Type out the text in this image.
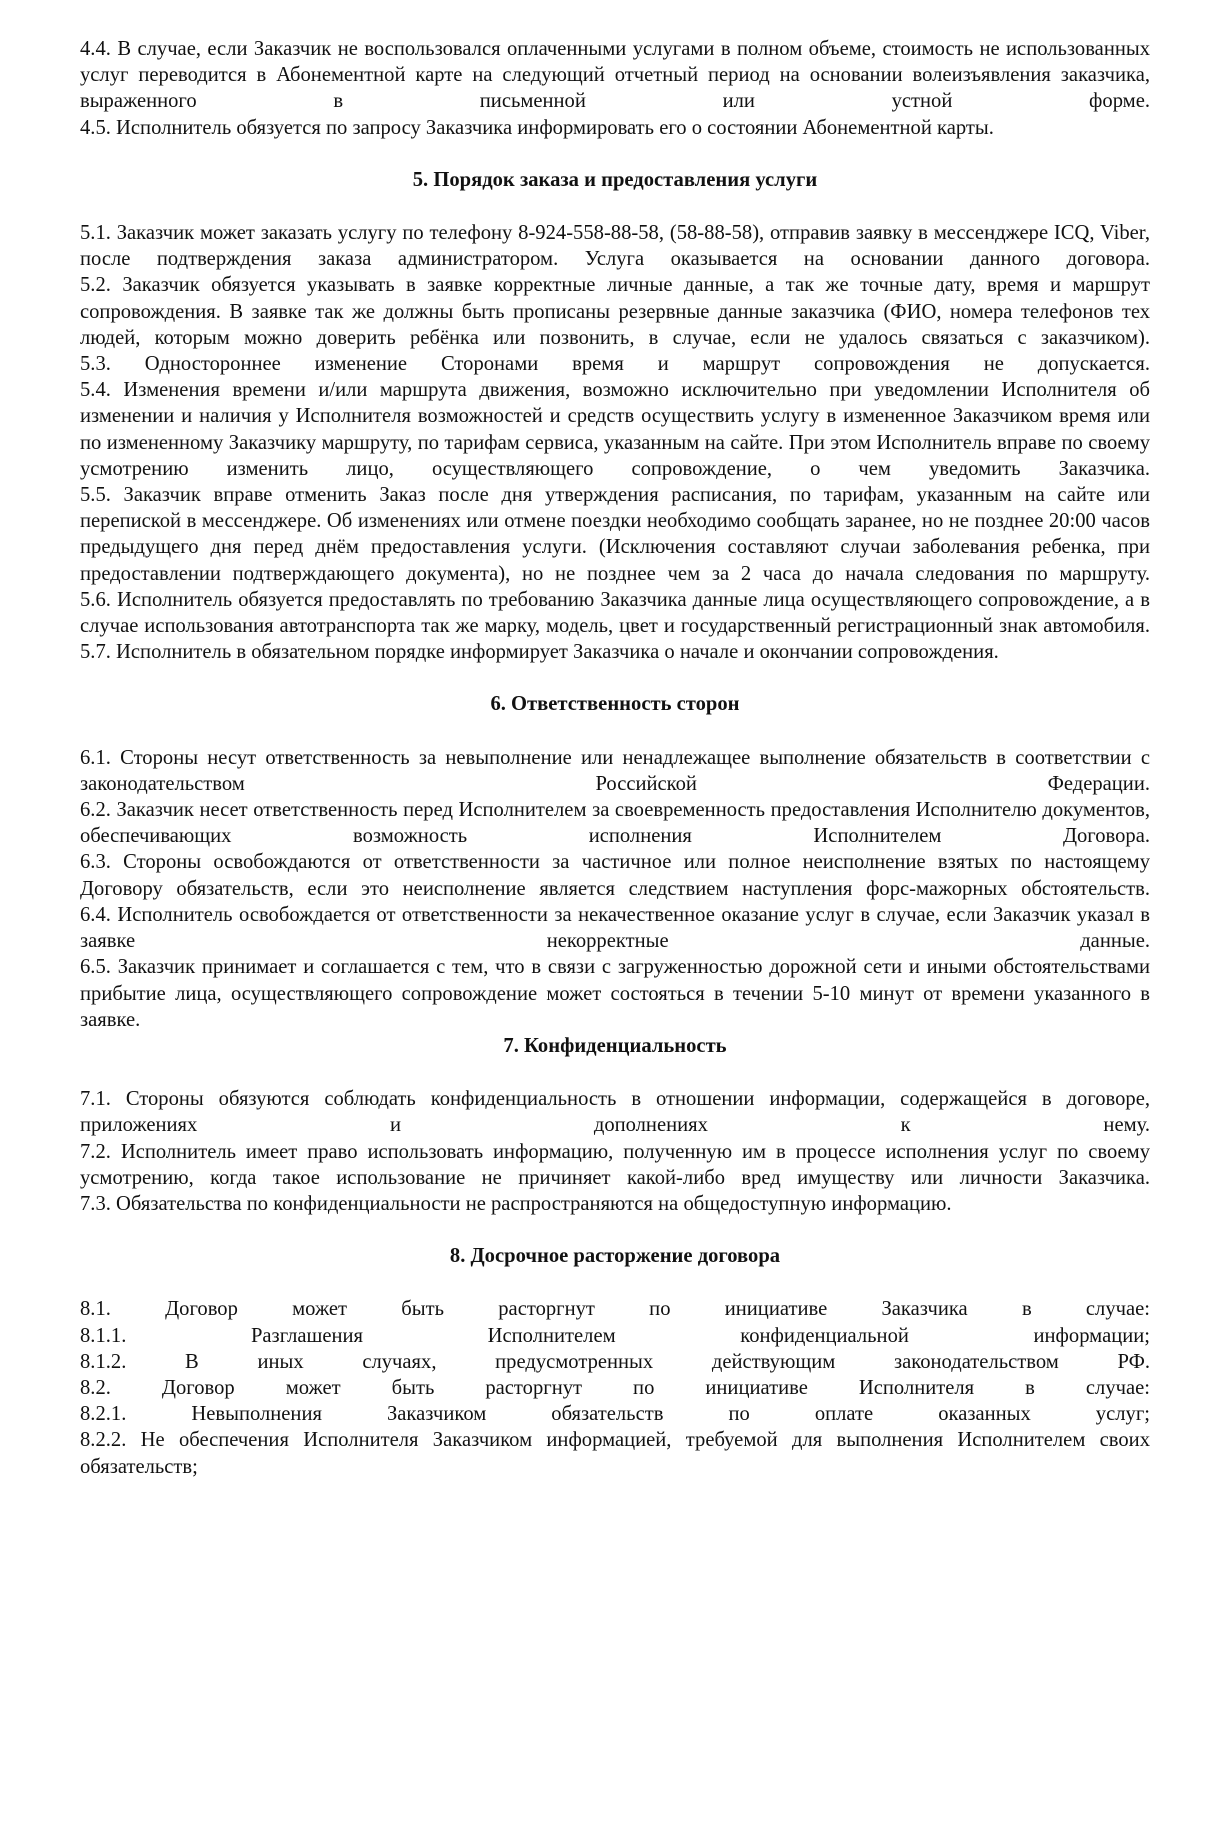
4.4. В случае, если Заказчик не воспользовался оплаченными услугами в полном объеме, стоимость не использованных услуг переводится в Абонементной карте на следующий отчетный период на основании волеизъявления заказчика, выраженного в письменной или устной форме.

4.5. Исполнитель обязуется по запросу Заказчика информировать его о состоянии Абонементной карты.

5. Порядок заказа и предоставления услуги

5.1. Заказчик может заказать услугу по телефону 8-924-558-88-58, (58-88-58), отправив заявку в мессенджере ICQ, Viber, после подтверждения заказа администратором. Услуга оказывается на основании данного договора.

5.2. Заказчик обязуется указывать в заявке корректные личные данные, а так же точные дату, время и маршрут сопровождения. В заявке так же должны быть прописаны резервные данные заказчика (ФИО, номера телефонов тех людей, которым можно доверить ребёнка или позвонить, в случае, если не удалось связаться с заказчиком).

5.3. Одностороннее изменение Сторонами время и маршрут сопровождения не допускается.

5.4. Изменения времени и/или маршрута движения, возможно исключительно при уведомлении Исполнителя об изменении и наличия у Исполнителя возможностей и средств осуществить услугу в измененное Заказчиком время или по измененному Заказчику маршруту, по тарифам сервиса, указанным на сайте. При этом Исполнитель вправе по своему усмотрению изменить лицо, осуществляющего сопровождение, о чем уведомить Заказчика.

5.5. Заказчик вправе отменить Заказ после дня утверждения расписания, по тарифам, указанным на сайте или перепиской в мессенджере. Об изменениях или отмене поездки необходимо сообщать заранее, но не позднее 20:00 часов предыдущего дня перед днём предоставления услуги. (Исключения составляют случаи заболевания ребенка, при предоставлении подтверждающего документа), но не позднее чем за 2 часа до начала следования по маршруту.

5.6. Исполнитель обязуется предоставлять по требованию Заказчика данные лица осуществляющего сопровождение, а в случае использования автотранспорта так же марку, модель, цвет и государственный регистрационный знак автомобиля.

5.7. Исполнитель в обязательном порядке информирует Заказчика о начале и окончании сопровождения.

6. Ответственность сторон

6.1. Стороны несут ответственность за невыполнение или ненадлежащее выполнение обязательств в соответствии с законодательством Российской Федерации.

6.2. Заказчик несет ответственность перед Исполнителем за своевременность предоставления Исполнителю документов, обеспечивающих возможность исполнения Исполнителем Договора.

6.3. Стороны освобождаются от ответственности за частичное или полное неисполнение взятых по настоящему Договору обязательств, если это неисполнение является следствием наступления форс-мажорных обстоятельств.

6.4. Исполнитель освобождается от ответственности за некачественное оказание услуг в случае, если Заказчик указал в заявке некорректные данные.

6.5. Заказчик принимает и соглашается с тем, что в связи с загруженностью дорожной сети и иными обстоятельствами прибытие лица, осуществляющего сопровождение может состояться в течении 5-10 минут от времени указанного в заявке.

7. Конфиденциальность

7.1. Стороны обязуются соблюдать конфиденциальность в отношении информации, содержащейся в договоре, приложениях и дополнениях к нему.

7.2. Исполнитель имеет право использовать информацию, полученную им в процессе исполнения услуг по своему усмотрению, когда такое использование не причиняет какой-либо вред имуществу или личности Заказчика.

7.3. Обязательства по конфиденциальности не распространяются на общедоступную информацию.

8. Досрочное расторжение договора

8.1. Договор может быть расторгнут по инициативе Заказчика в случае:

8.1.1. Разглашения Исполнителем конфиденциальной информации;

8.1.2. В иных случаях, предусмотренных действующим законодательством РФ.

8.2. Договор может быть расторгнут по инициативе Исполнителя в случае:

8.2.1. Невыполнения Заказчиком обязательств по оплате оказанных услуг;

8.2.2. Не обеспечения Исполнителя Заказчиком информацией, требуемой для выполнения Исполнителем своих обязательств;
